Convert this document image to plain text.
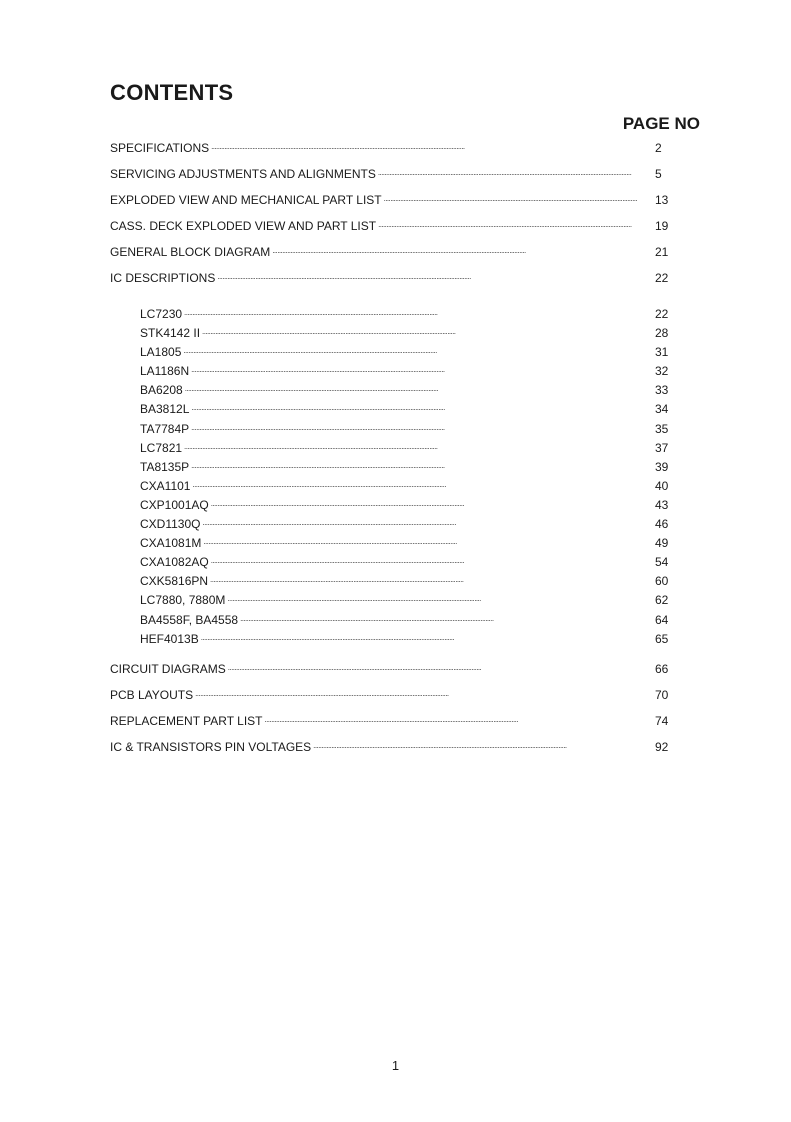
CONTENTS
PAGE NO
SPECIFICATIONS . . .	2
SERVICING ADJUSTMENTS AND ALIGNMENTS . . .	5
EXPLODED VIEW AND MECHANICAL PART LIST . . .	13
CASS. DECK EXPLODED VIEW AND PART LIST . . .	19
GENERAL BLOCK DIAGRAM . . .	21
IC DESCRIPTIONS . . .	22
LC7230 . . .	22
STK4142 II . . .	28
LA1805 . . .	31
LA1186N . . .	32
BA6208 . . .	33
BA3812L . . .	34
TA7784P . . .	35
LC7821 . . .	37
TA8135P . . .	39
CXA1101 . . .	40
CXP1001AQ . . .	43
CXD1130Q . . .	46
CXA1081M . . .	49
CXA1082AQ . . .	54
CXK5816PN . . .	60
LC7880, 7880M . . .	62
BA4558F, BA4558 . . .	64
HEF4013B . . .	65
CIRCUIT DIAGRAMS . . .	66
PCB LAYOUTS . . .	70
REPLACEMENT PART LIST . . .	74
IC & TRANSISTORS PIN VOLTAGES . . .	92
1
